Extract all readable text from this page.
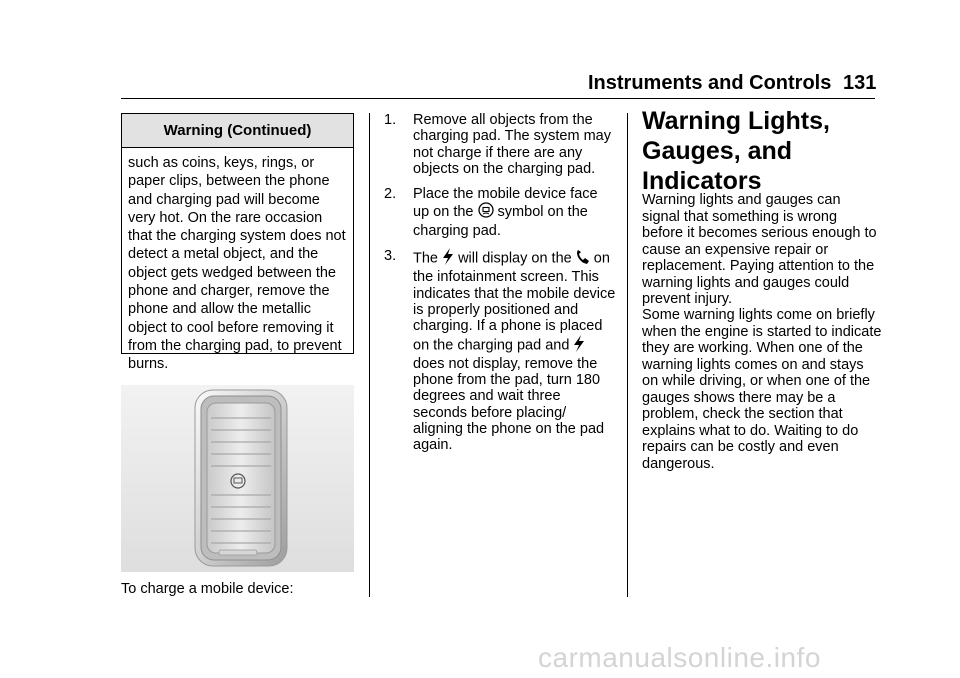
Instruments and Controls 131
Warning (Continued)
such as coins, keys, rings, or paper clips, between the phone and charging pad will become very hot. On the rare occasion that the charging system does not detect a metal object, and the object gets wedged between the phone and charger, remove the phone and allow the metallic object to cool before removing it from the charging pad, to prevent burns.
To charge a mobile device:
1. Remove all objects from the charging pad. The system may not charge if there are any objects on the charging pad.
2. Place the mobile device face up on the symbol on the charging pad.
3. The will display on the on the infotainment screen. This indicates that the mobile device is properly positioned and charging. If a phone is placed on the charging pad and  does not display, remove the phone from the pad, turn 180 degrees and wait three seconds before placing/ aligning the phone on the pad again.
Warning Lights, Gauges, and Indicators
Warning lights and gauges can signal that something is wrong before it becomes serious enough to cause an expensive repair or replacement. Paying attention to the warning lights and gauges could prevent injury.
Some warning lights come on briefly when the engine is started to indicate they are working. When one of the warning lights comes on and stays on while driving, or when one of the gauges shows there may be a problem, check the section that explains what to do. Waiting to do repairs can be costly and even dangerous.
carmanualsonline.info
